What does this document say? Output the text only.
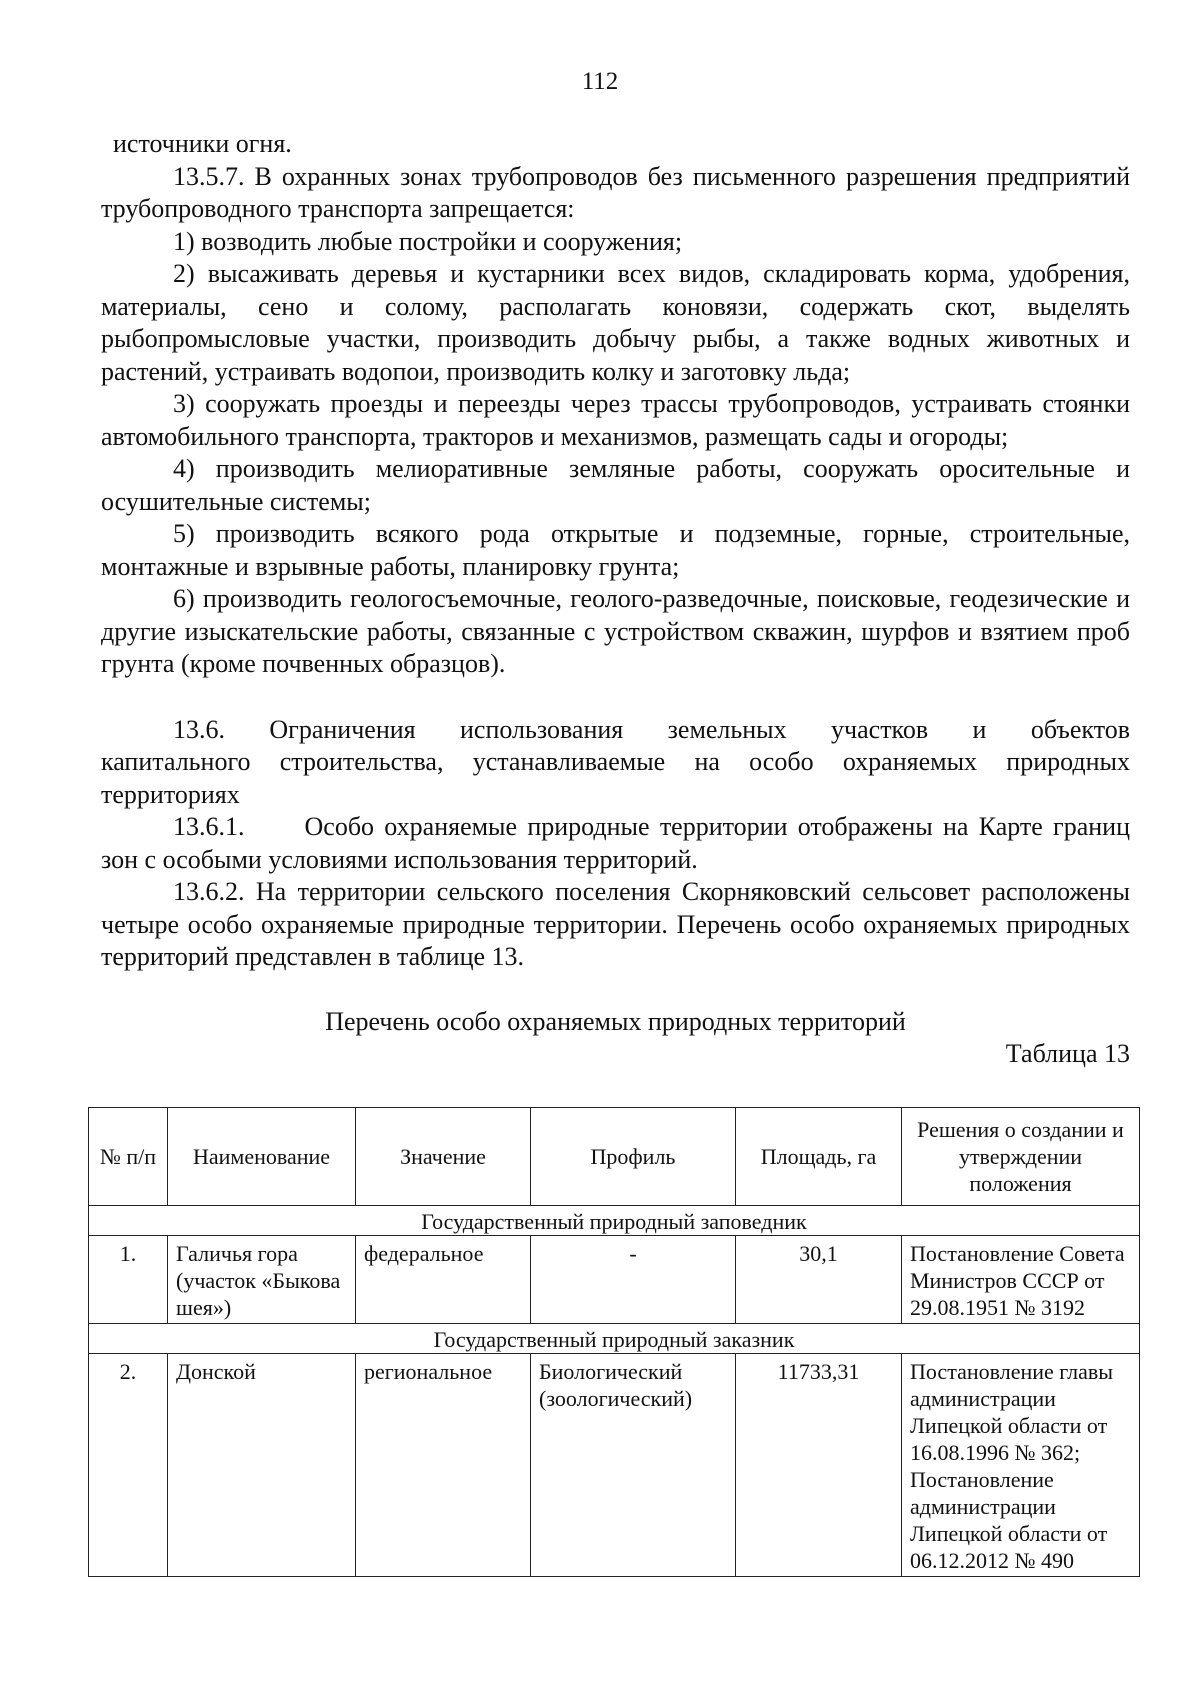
112

источники огня.

13.5.7. В охранных зонах трубопроводов без письменного разрешения предприятий трубопроводного транспорта запрещается:

1) возводить любые постройки и сооружения;

2) высаживать деревья и кустарники всех видов, складировать корма, удобрения, материалы, сено и солому, располагать коновязи, содержать скот, выделять рыбопромысловые участки, производить добычу рыбы, а также водных животных и растений, устраивать водопои, производить колку и заготовку льда;

3) сооружать проезды и переезды через трассы трубопроводов, устраивать стоянки автомобильного транспорта, тракторов и механизмов, размещать сады и огороды;

4) производить мелиоративные земляные работы, сооружать оросительные и осушительные системы;

5) производить всякого рода открытые и подземные, горные, строительные, монтажные и взрывные работы, планировку грунта;

6) производить геологосъемочные, геолого-разведочные, поисковые, геодезические и другие изыскательские работы, связанные с устройством скважин, шурфов и взятием проб грунта (кроме почвенных образцов).

13.6. Ограничения использования земельных участков и объектов капитального строительства, устанавливаемые на особо охраняемых природных территориях

13.6.1. Особо охраняемые природные территории отображены на Карте границ зон с особыми условиями использования территорий.

13.6.2. На территории сельского поселения Скорняковский сельсовет расположены четыре особо охраняемые природные территории. Перечень особо охраняемых природных территорий представлен в таблице 13.

Перечень особо охраняемых природных территорий
Таблица 13
№ п/п	Наименование	Значение	Профиль	Площадь, га	Решения о создании и утверждении положения
Государственный природный заповедник					
1.	Галичья гора (участок «Быкова шея»)	федеральное	-	30,1	Постановление Совета Министров СССР от 29.08.1951 № 3192
Государственный природный заказник					
2.	Донской	региональное	Биологический (зоологический)	11733,31	Постановление главы администрации Липецкой области от 16.08.1996 № 362;
Постановление администрации Липецкой области от 06.12.2012 № 490
